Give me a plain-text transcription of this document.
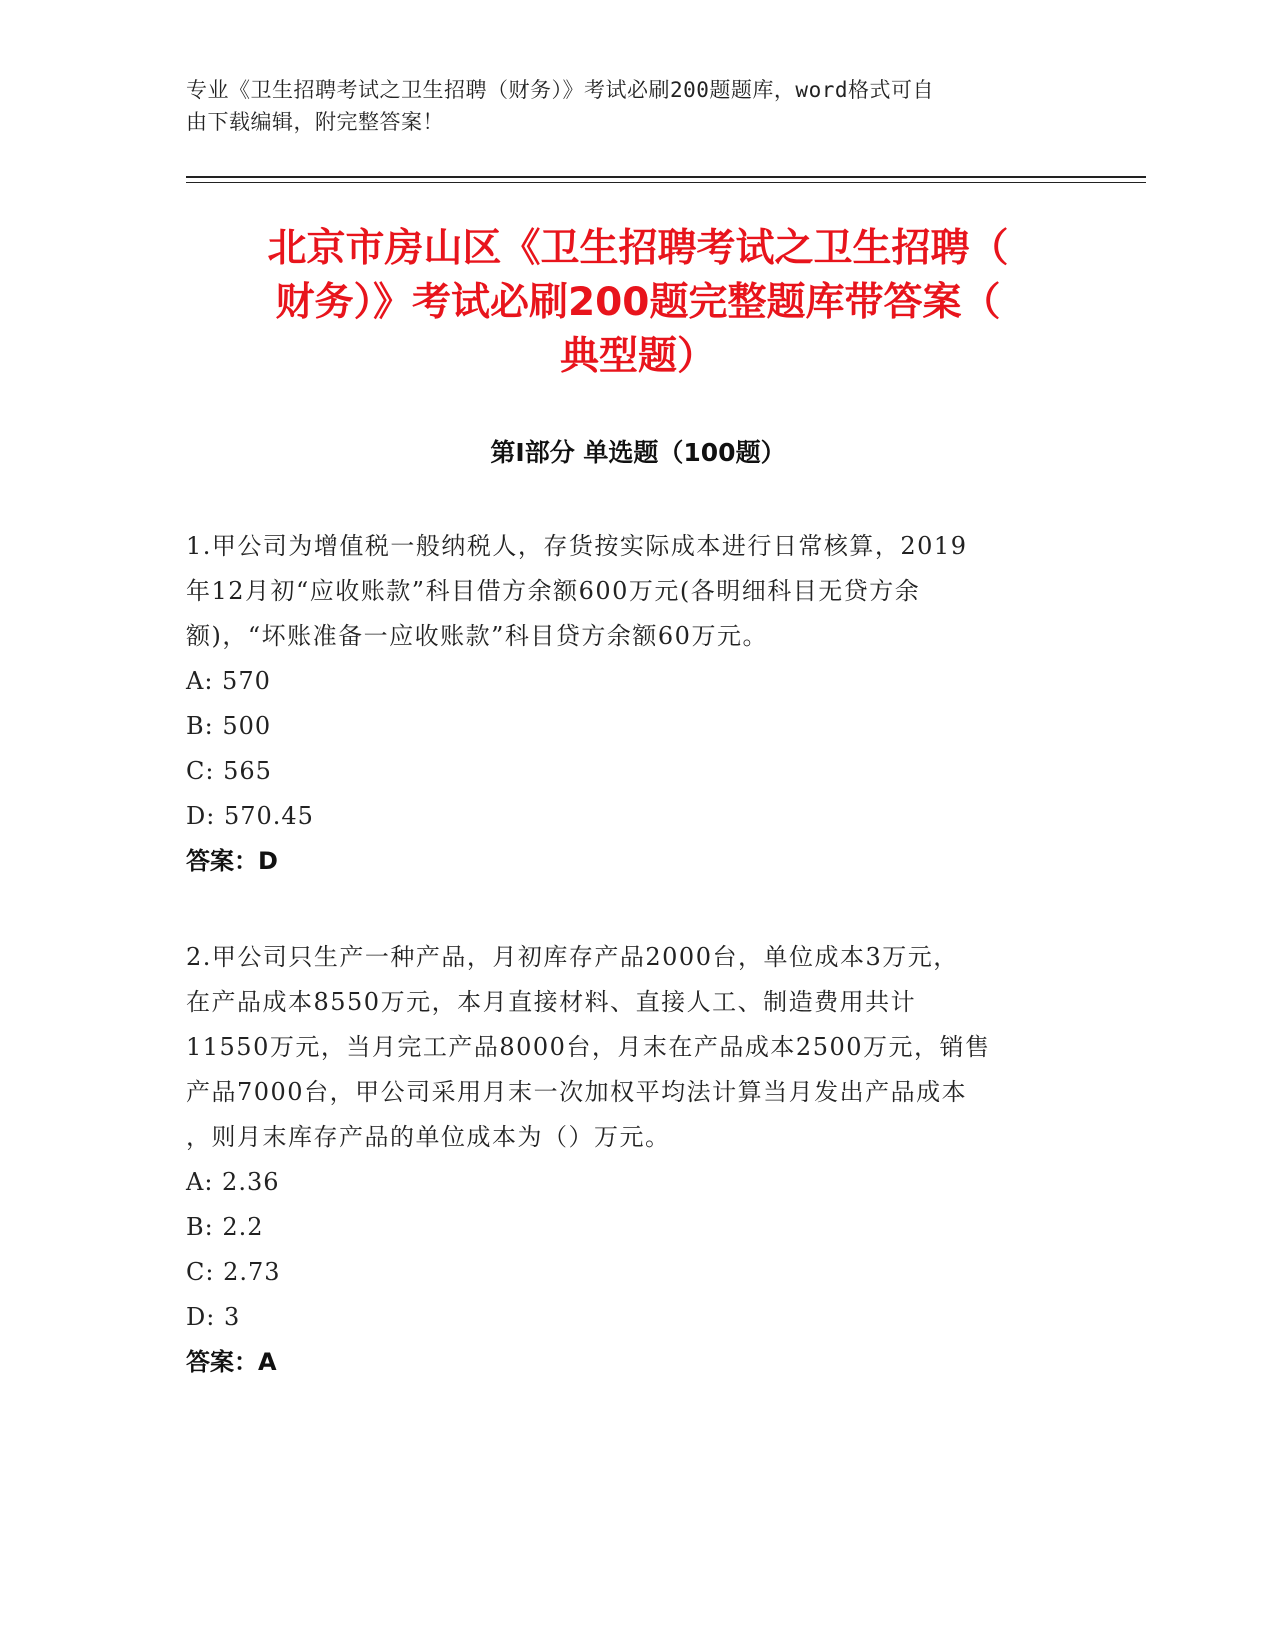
专业《卫生招聘考试之卫生招聘（财务）》考试必刷200题题库，word格式可自
由下载编辑，附完整答案！
北京市房山区《卫生招聘考试之卫生招聘（
财务）》考试必刷200题完整题库带答案（
典型题）
第Ⅰ部分 单选题（100题）
1.甲公司为增值税一般纳税人，存货按实际成本进行日常核算，2019
年12月初“应收账款”科目借方余额600万元(各明细科目无贷方余
额)，“坏账准备一应收账款”科目贷方余额60万元。
A: 570
B: 500
C: 565
D: 570.45
答案：D
2.甲公司只生产一种产品，月初库存产品2000台，单位成本3万元，
在产品成本8550万元，本月直接材料、直接人工、制造费用共计
11550万元，当月完工产品8000台，月末在产品成本2500万元，销售
产品7000台，甲公司采用月末一次加权平均法计算当月发出产品成本
，则月末库存产品的单位成本为（）万元。
A: 2.36
B: 2.2
C: 2.73
D: 3
答案：A
